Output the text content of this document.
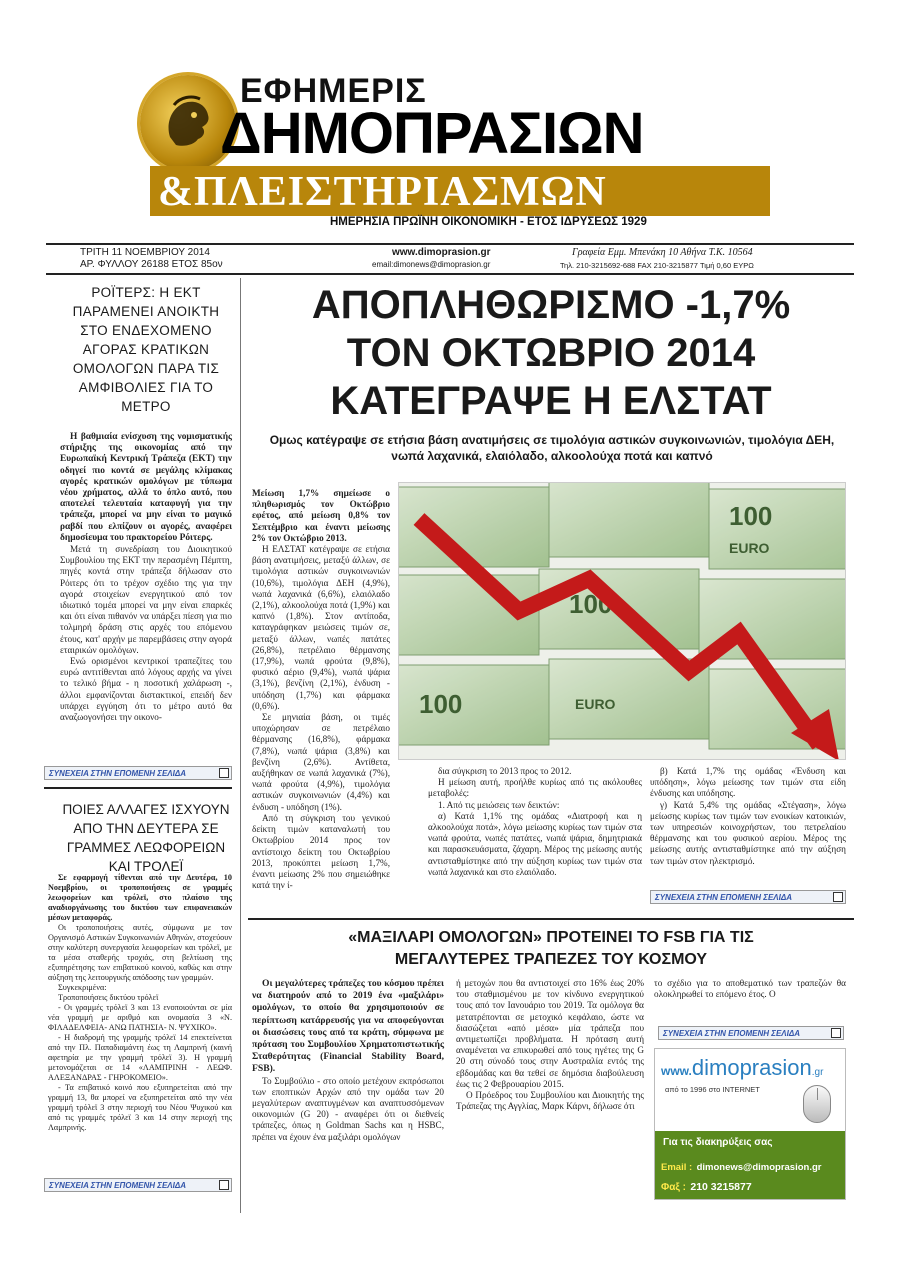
ΕΦΗΜΕΡΙΣ
ΔΗΜΟΠΡΑΣΙΩΝ
&ΠΛΕΙΣΤΗΡΙΑΣΜΩΝ
ΗΜΕΡΗΣΙΑ ΠΡΩΪΝΗ ΟΙΚΟΝΟΜΙΚΗ - ΕΤΟΣ ΙΔΡΥΣΕΩΣ 1929
ΤΡΙΤΗ 11 ΝΟΕΜΒΡΙΟΥ 2014
ΑΡ. ΦΥΛΛΟΥ 26188 ΕΤΟΣ 85ον
www.dimoprasion.gr
email:dimonews@dimoprasion.gr
Γραφεία Εμμ. Μπενάκη 10 Αθήνα Τ.Κ. 10564
Τηλ. 210-3215692-688 FAX 210-3215877 Τιμή 0,60 ΕΥΡΩ
ΡΟΪΤΕΡΣ: Η ΕΚΤ ΠΑΡΑΜΕΝΕΙ ΑΝΟΙΚΤΗ ΣΤΟ ΕΝΔΕΧΟΜΕΝΟ ΑΓΟΡΑΣ ΚΡΑΤΙΚΩΝ ΟΜΟΛΟΓΩΝ ΠΑΡΑ ΤΙΣ ΑΜΦΙΒΟΛΙΕΣ ΓΙΑ ΤΟ ΜΕΤΡΟ

Η βαθμιαία ενίσχυση της νομισματικής στήριξης της οικονομίας από την Ευρωπαϊκή Κεντρική Τράπεζα (ΕΚΤ) την οδηγεί πιο κοντά σε μεγάλης κλίμακας αγορές κρατικών ομολόγων με τύπωμα νέου χρήματος, αλλά το όπλο αυτό, που αποτελεί τελευταία καταφυγή για την τράπεζα, μπορεί να μην είναι το μαγικό ραβδί που ελπίζουν οι αγορές, αναφέρει δημοσίευμα του πρακτορείου Ρόιτερς.

Μετά τη συνεδρίαση του Διοικητικού Συμβουλίου της ΕΚΤ την περασμένη Πέμπτη, πηγές κοντά στην τράπεζα δήλωσαν στο Ρόιτερς ότι το τρέχον σχέδιο της για την αγορά στοιχείων ενεργητικού από τον ιδιωτικό τομέα μπορεί να μην είναι επαρκές και ότι είναι πιθανόν να υπάρξει πίεση για πιο τολμηρή δράση στις αρχές του επόμενου έτους, κατ' αρχήν με παρεμβάσεις στην αγορά εταιρικών ομολόγων.

Ενώ ορισμένοι κεντρικοί τραπεζίτες του ευρώ αντιτίθενται από λόγους αρχής να γίνει το τελικό βήμα - η ποσοτική χαλάρωση -, άλλοι εμφανίζονται διστακτικοί, επειδή δεν υπάρχει εγγύηση ότι το μέτρο αυτό θα αναζωογονήσει την οικονο-

ΣΥΝΕΧΕΙΑ ΣΤΗΝ ΕΠΟΜΕΝΗ ΣΕΛΙΔΑ
ΠΟΙΕΣ ΑΛΛΑΓΕΣ ΙΣΧΥΟΥΝ ΑΠΟ ΤΗΝ ΔΕΥΤΕΡΑ ΣΕ ΓΡΑΜΜΕΣ ΛΕΩΦΟΡΕΙΩΝ ΚΑΙ ΤΡΟΛΕΪ

Σε εφαρμογή τίθενται από την Δευτέρα, 10 Νοεμβρίου, οι τροποποιήσεις σε γραμμές λεωφορείων και τρόλεϊ, στο πλαίσιο της αναδιοργάνωσης του δικτύου των επιφανειακών μέσων μεταφοράς.

Οι τροποποιήσεις αυτές, σύμφωνα με τον Οργανισμό Αστικών Συγκοινωνιών Αθηνών, στοχεύουν στην καλύτερη συνεργασία λεωφορείων και τρόλεϊ, με τα μέσα σταθερής τροχιάς, στη βελτίωση της εξυπηρέτησης των επιβατικού κοινού, καθώς και στην αύξηση της λειτουργικής απόδοσης των γραμμών.

Συγκεκριμένα:

Τροποποιήσεις δικτύου τρόλεϊ

- Οι γραμμές τρόλεϊ 3 και 13 ενοποιούνται σε μία νέα γραμμή με αριθμό και ονομασία 3 «Ν. ΦΙΛΑΔΕΛΦΕΙΑ- ΑΝΩ ΠΑΤΗΣΙΑ- Ν. ΨΥΧΙΚΟ».

- Η διαδρομή της γραμμής τρόλεϊ 14 επεκτείνεται από την Πλ. Παπαδιαμάντη έως τη Λαμπρινή (καινή αφετηρία με την γραμμή τρόλεϊ 3). Η γραμμή μετονομάζεται σε 14 «ΛΑΜΠΡΙΝΗ - ΛΕΩΦ. ΑΛΕΞΑΝΔΡΑΣ - ΓΗΡΟΚΟΜΕΙΟ».

- Τα επιβατικό κοινό που εξυπηρετείται από την γραμμή 13, θα μπορεί να εξυπηρετείται από την νέα γραμμή τρόλεϊ 3 στην περιοχή του Νέου Ψυχικού και από τις γραμμές τρόλεϊ 3 και 14 στην περιοχή της Λαμπρινής.

ΣΥΝΕΧΕΙΑ ΣΤΗΝ ΕΠΟΜΕΝΗ ΣΕΛΙΔΑ
ΑΠΟΠΛΗΘΩΡΙΣΜΟ -1,7%
ΤΟΝ ΟΚΤΩΒΡΙΟ 2014
ΚΑΤΕΓΡΑΨΕ Η ΕΛΣΤΑΤ
Ομως κατέγραψε σε ετήσια βάση ανατιμήσεις σε τιμολόγια αστικών συγκοινωνιών, τιμολόγια ΔΕΗ, νωπά λαχανικά, ελαιόλαδο, αλκοολούχα ποτά και καπνό
100
EURO
100
100	EURO

Μείωση 1,7% σημείωσε ο πληθωρισμός τον Οκτώβριο εφέτος, από μείωση 0,8% τον Σεπτέμβριο και έναντι μείωσης 2% τον Οκτώβριο 2013.

Η ΕΛΣΤΑΤ κατέγραψε σε ετήσια βάση ανατιμήσεις, μεταξύ άλλων, σε τιμολόγια αστικών συγκοινωνιών (10,6%), τιμολόγια ΔΕΗ (4,9%), νωπά λαχανικά (6,6%), ελαιόλαδο (2,1%), αλκοολούχα ποτά (1,9%) και καπνό (1,8%). Στον αντίποδα, καταγράφηκαν μειώσεις τιμών σε, μεταξύ άλλων, νωπές πατάτες (26,8%), πετρέλαιο θέρμανσης (17,9%), νωπά φρούτα (9,8%), φυσικό αέριο (9,4%), νωπά ψάρια (3,1%), βενζίνη (2,1%), ένδυση - υπόδηση (1,7%) και φάρμακα (0,6%).

Σε μηνιαία βάση, οι τιμές υποχώρησαν σε πετρέλαιο θέρμανσης (16,8%), φάρμακα (7,8%), νωπά ψάρια (3,8%) και βενζίνη (2,6%). Αντίθετα, αυξήθηκαν σε νωπά λαχανικά (7%), νωπά φρούτα (4,9%), τιμολόγια αστικών συγκοινωνιών (4,4%) και ένδυση - υπόδηση (1%).

Από τη σύγκριση του γενικού δείκτη τιμών καταναλωτή του Οκτωβρίου 2014 προς τον αντίστοιχο δείκτη του Οκτωβρίου 2013, προκύπτει μείωση 1,7%, έναντι μείωσης 2% που σημειώθηκε κατά την ί-

δια σύγκριση το 2013 προς το 2012.

Η μείωση αυτή, προήλθε κυρίως από τις ακόλουθες μεταβολές:

1. Από τις μειώσεις των δεικτών:

α) Κατά 1,1% της ομάδας «Διατροφή και η αλκοολούχα ποτά», λόγω μείωσης κυρίως των τιμών στα νωπά φρούτα, νωπές πατάτες, νωπά ψάρια, δημητριακά και παρασκευάσματα, ζάχαρη. Μέρος της μείωσης αυτής αντισταθμίστηκε από την αύξηση κυρίως των τιμών στα νωπά λαχανικά και στο ελαιόλαδο.

β) Κατά 1,7% της ομάδας «Ένδυση και υπόδηση», λόγω μείωσης των τιμών στα είδη ένδυσης και υπόδησης.

γ) Κατά 5,4% της ομάδας «Στέγαση», λόγω μείωσης κυρίως των τιμών των ενοικίων κατοικιών, των υπηρεσιών κοινοχρήστων, του πετρελαίου θέρμανσης και του φυσικού αερίου. Μέρος της μείωσης αυτής αντισταθμίστηκε από την αύξηση των τιμών στον ηλεκτρισμό.

ΣΥΝΕΧΕΙΑ ΣΤΗΝ ΕΠΟΜΕΝΗ ΣΕΛΙΔΑ
«ΜΑΞΙΛΑΡΙ ΟΜΟΛΟΓΩΝ» ΠΡΟΤΕΙΝΕΙ ΤΟ FSB ΓΙΑ ΤΙΣ
ΜΕΓΑΛΥΤΕΡΕΣ ΤΡΑΠΕΖΕΣ ΤΟΥ ΚΟΣΜΟΥ

Οι μεγαλύτερες τράπεζες του κόσμου πρέπει να διατηρούν από το 2019 ένα «μαξιλάρι» ομολόγων, το οποίο θα χρησιμοποιούν σε περίπτωση κατάρρευσής για να αποφεύγονται οι διασώσεις τους από τα κράτη, σύμφωνα με πρόταση του Συμβουλίου Χρηματοπιστωτικής Σταθερότητας (Financial Stability Board, FSB).

Το Συμβούλιο - στο οποίο μετέχουν εκπρόσωποι των εποπτικών Αρχών από την ομάδα των 20 μεγαλύτερων αναπτυγμένων και αναπτυσσόμενων οικονομιών (G 20) - αναφέρει ότι οι διεθνείς τράπεζες, όπως η Goldman Sachs και η HSBC, πρέπει να έχουν ένα μαξιλάρι ομολόγων

ή μετοχών που θα αντιστοιχεί στο 16% έως 20% του σταθμισμένου με τον κίνδυνο ενεργητικού τους από τον Ιανουάριο του 2019. Τα ομόλογα θα μετατρέπονται σε μετοχικό κεφάλαιο, ώστε να διασώζεται «από μέσα» μία τράπεζα που αντιμετωπίζει προβλήματα. Η πρόταση αυτή αναμένεται να επικυρωθεί από τους ηγέτες της G 20 στη σύνοδό τους στην Αυστραλία εντός της εβδομάδας και θα τεθεί σε δημόσια διαβούλευση έως τις 2 Φεβρουαρίου 2015.

Ο Πρόεδρος του Συμβουλίου και Διοικητής της Τράπεζας της Αγγλίας, Μαρκ Κάρνι, δήλωσε ότι

το σχέδιο για το αποθεματικό των τραπεζών θα ολοκληρωθεί το επόμενο έτος. Ο

ΣΥΝΕΧΕΙΑ ΣΤΗΝ ΕΠΟΜΕΝΗ ΣΕΛΙΔΑ
www.dimoprasion.gr
από το 1996 στο INTERNET
Για τις διακηρύξεις σας
Email : dimonews@dimoprasion.gr
Φαξ : 210 3215877
